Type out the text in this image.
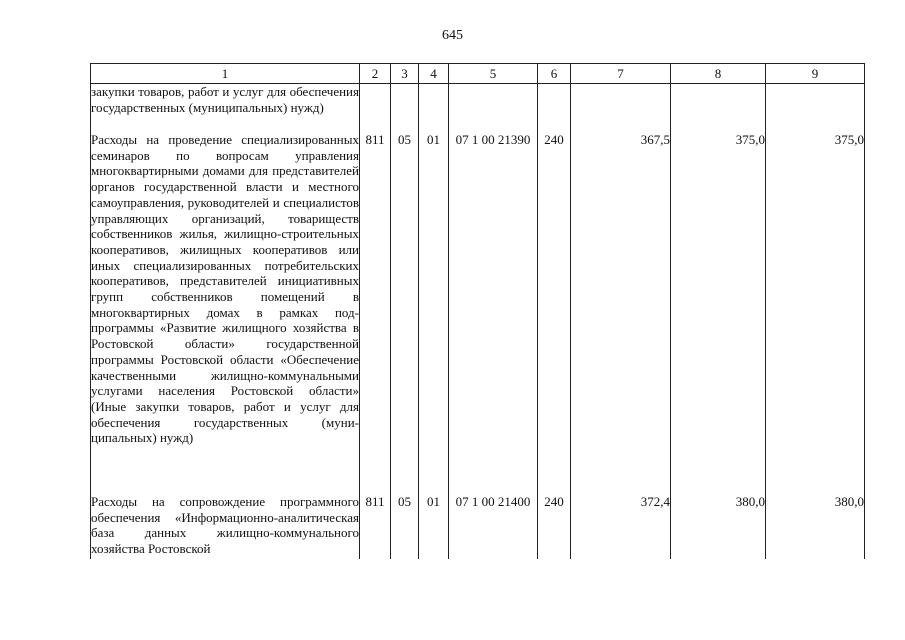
645
1	2	3	4	5	6	7	8	9
закупки товаров, работ и услуг для обеспечения государственных (муниципальных) нужд)								
Расходы на проведение специализированных семинаров по вопросам управления многоквартирными домами для представителей органов государственной власти и местного самоуправления, руководителей и специалистов управляющих организаций, товариществ собственников жилья, жилищно-строительных кооперативов, жилищных кооперативов или иных специализированных потребительских кооперативов, представителей инициативных групп собственников помещений в многоквартирных домах в рамках подпрограммы «Развитие жилищного хозяйства в Ростовской области» государственной программы Ростовской области «Обеспечение качественными жилищно-коммунальными услугами населения Ростовской области» (Иные закупки товаров, работ и услуг для обеспечения государственных (муниципальных) нужд)	811	05	01	07 1 00 21390	240	367,5	375,0	375,0
Расходы на сопровождение программного обеспечения «Информационно-аналитическая база данных жилищно-коммунального хозяйства Ростовской	811	05	01	07 1 00 21400	240	372,4	380,0	380,0
